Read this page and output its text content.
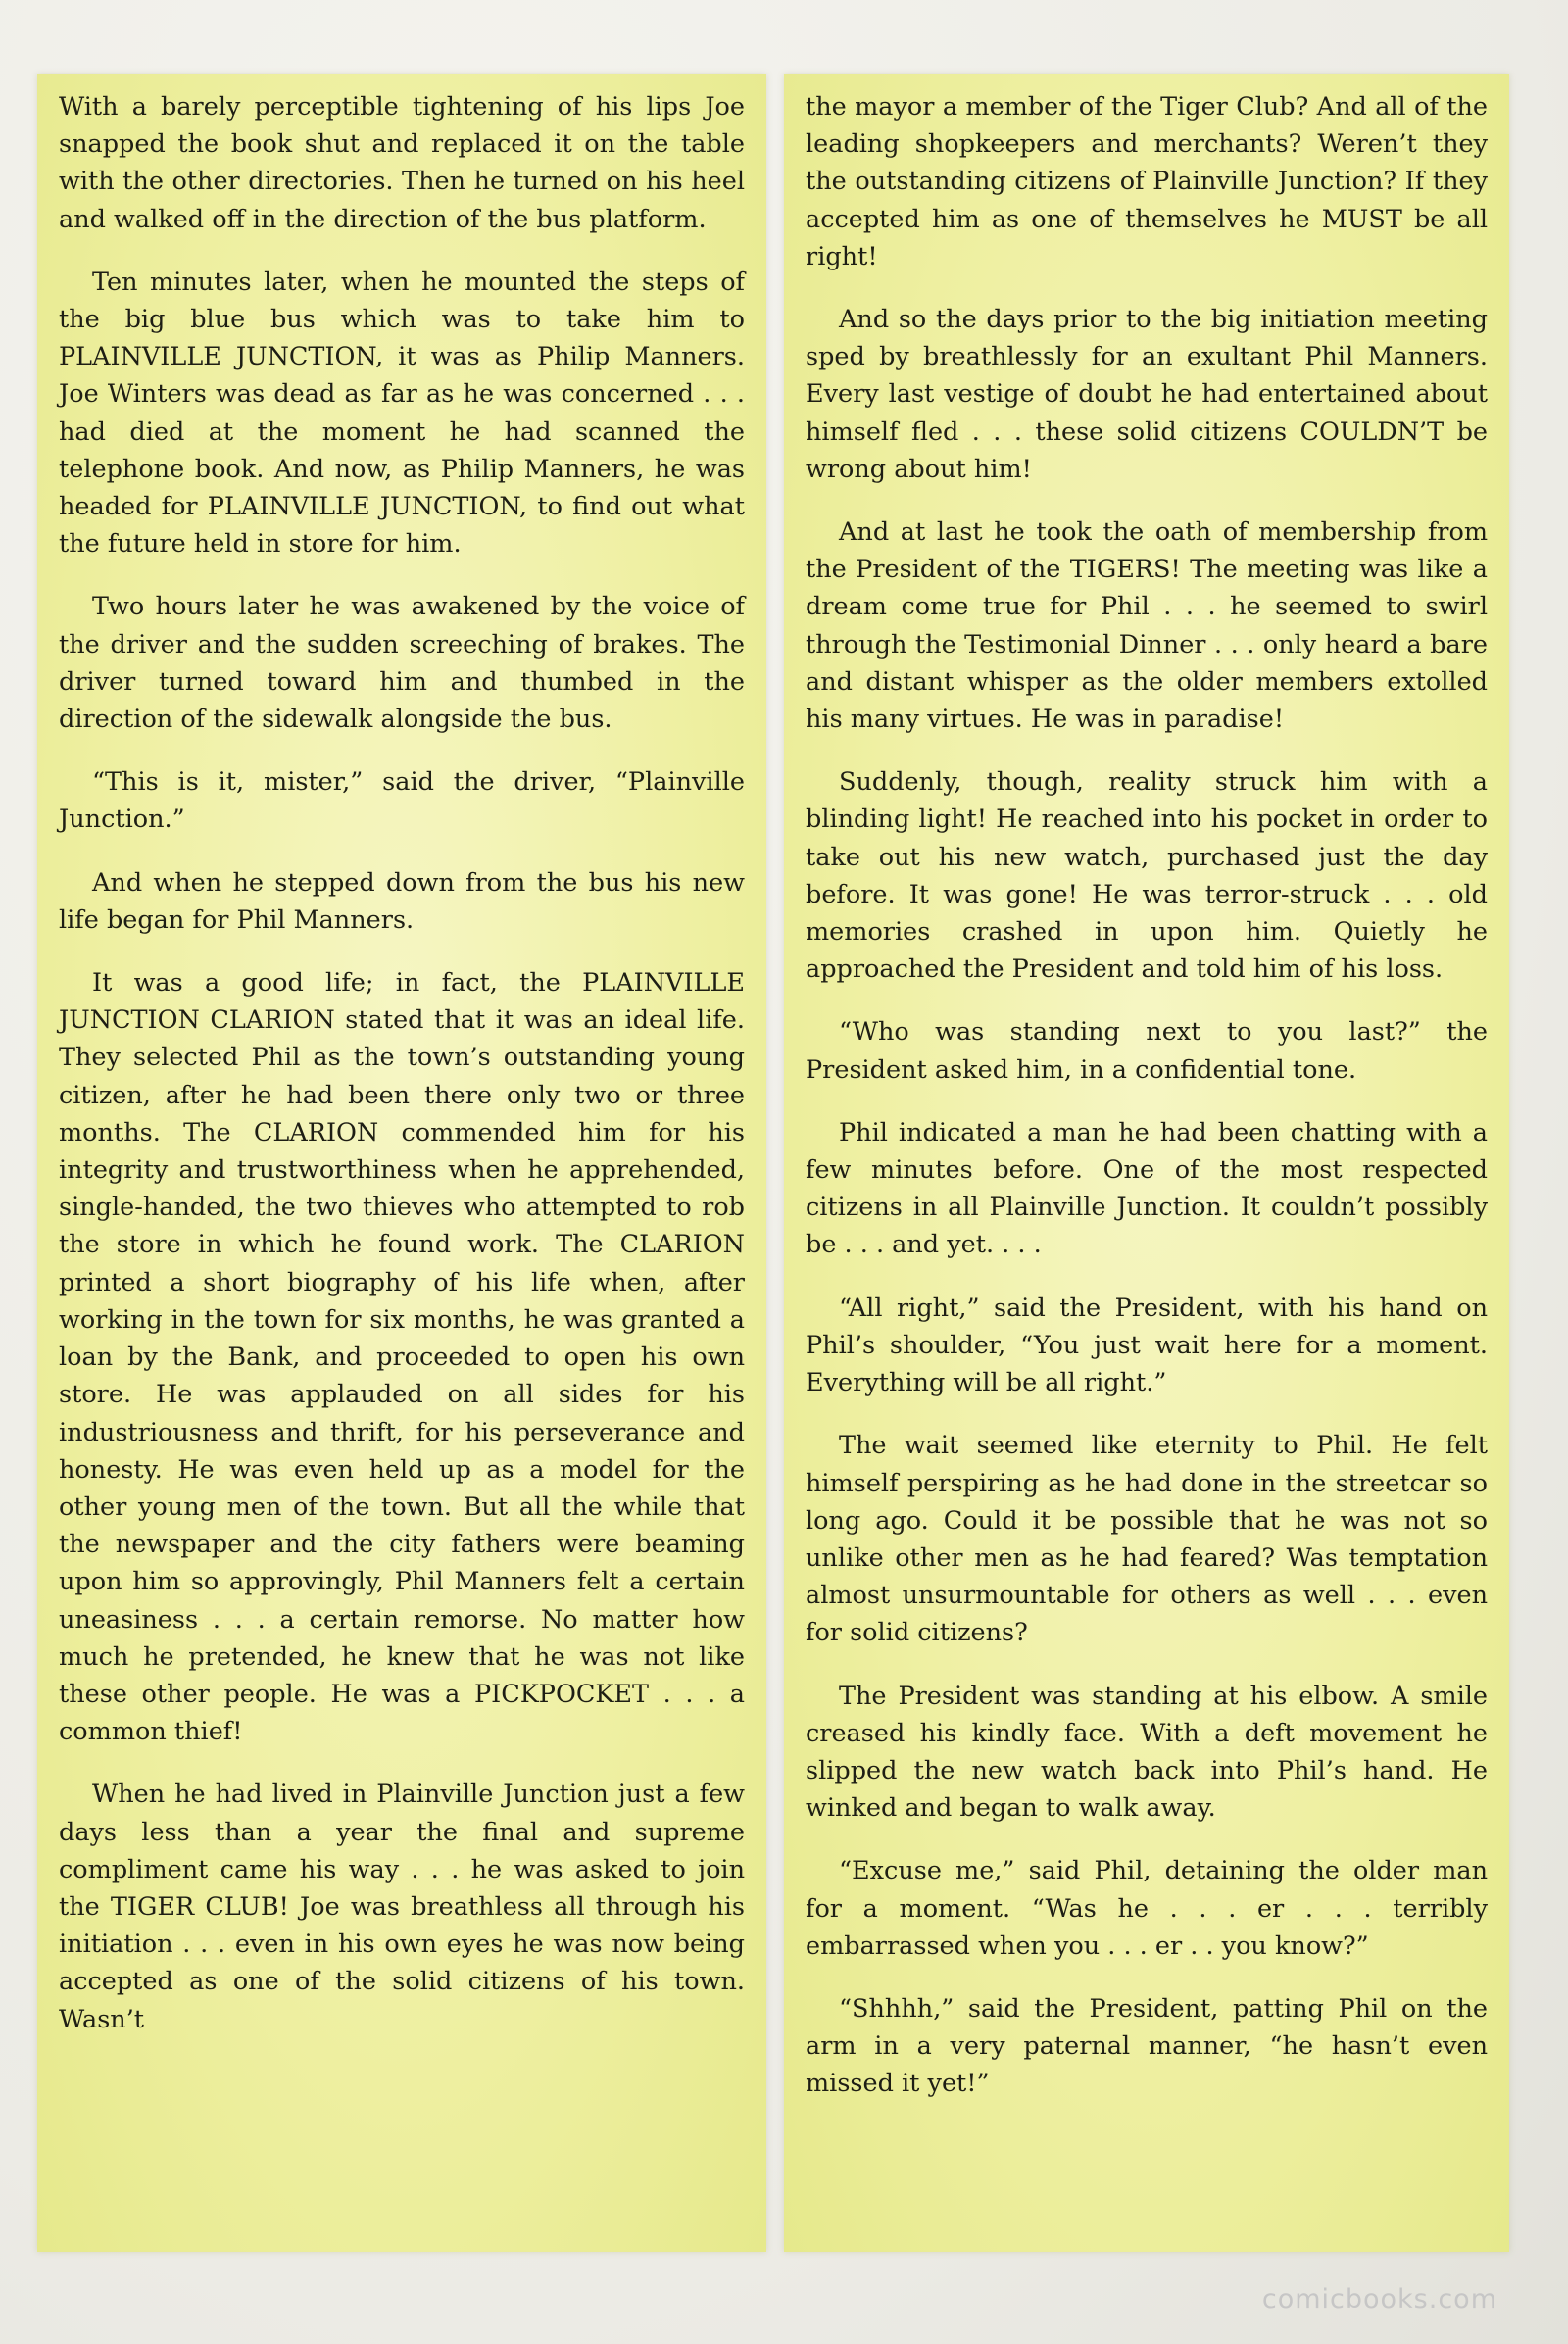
With a barely perceptible tightening of his lips Joe snapped the book shut and replaced it on the table with the other directories. Then he turned on his heel and walked off in the direction of the bus platform.

Ten minutes later, when he mounted the steps of the big blue bus which was to take him to PLAINVILLE JUNCTION, it was as Philip Manners. Joe Winters was dead as far as he was concerned . . . had died at the moment he had scanned the telephone book. And now, as Philip Manners, he was headed for PLAINVILLE JUNCTION, to find out what the future held in store for him.

Two hours later he was awakened by the voice of the driver and the sudden screeching of brakes. The driver turned toward him and thumbed in the direction of the sidewalk alongside the bus.

“This is it, mister,” said the driver, “Plainville Junction.”

And when he stepped down from the bus his new life began for Phil Manners.

It was a good life; in fact, the PLAINVILLE JUNCTION CLARION stated that it was an ideal life. They selected Phil as the town’s outstanding young citizen, after he had been there only two or three months. The CLARION commended him for his integrity and trustworthiness when he apprehended, single-handed, the two thieves who attempted to rob the store in which he found work. The CLARION printed a short biography of his life when, after working in the town for six months, he was granted a loan by the Bank, and proceeded to open his own store. He was applauded on all sides for his industriousness and thrift, for his perseverance and honesty. He was even held up as a model for the other young men of the town. But all the while that the newspaper and the city fathers were beaming upon him so approvingly, Phil Manners felt a certain uneasiness . . . a certain remorse. No matter how much he pretended, he knew that he was not like these other people. He was a PICKPOCKET . . . a common thief!

When he had lived in Plainville Junction just a few days less than a year the final and supreme compliment came his way . . . he was asked to join the TIGER CLUB! Joe was breathless all through his initiation . . . even in his own eyes he was now being accepted as one of the solid citizens of his town. Wasn’t

the mayor a member of the Tiger Club? And all of the leading shopkeepers and merchants? Weren’t they the outstanding citizens of Plainville Junction? If they accepted him as one of themselves he MUST be all right!

And so the days prior to the big initiation meeting sped by breathlessly for an exultant Phil Manners. Every last vestige of doubt he had entertained about himself fled . . . these solid citizens COULDN’T be wrong about him!

And at last he took the oath of membership from the President of the TIGERS! The meeting was like a dream come true for Phil . . . he seemed to swirl through the Testimonial Dinner . . . only heard a bare and distant whisper as the older members extolled his many virtues. He was in paradise!

Suddenly, though, reality struck him with a blinding light! He reached into his pocket in order to take out his new watch, purchased just the day before. It was gone! He was terror-struck . . . old memories crashed in upon him. Quietly he approached the President and told him of his loss.

“Who was standing next to you last?” the President asked him, in a confidential tone.

Phil indicated a man he had been chatting with a few minutes before. One of the most respected citizens in all Plainville Junction. It couldn’t possibly be . . . and yet. . . .

“All right,” said the President, with his hand on Phil’s shoulder, “You just wait here for a moment. Everything will be all right.”

The wait seemed like eternity to Phil. He felt himself perspiring as he had done in the streetcar so long ago. Could it be possible that he was not so unlike other men as he had feared? Was temptation almost unsurmountable for others as well . . . even for solid citizens?

The President was standing at his elbow. A smile creased his kindly face. With a deft movement he slipped the new watch back into Phil’s hand. He winked and began to walk away.

“Excuse me,” said Phil, detaining the older man for a moment. “Was he . . . er . . . terribly embarrassed when you . . . er . . you know?”

“Shhhh,” said the President, patting Phil on the arm in a very paternal manner, “he hasn’t even missed it yet!”

comicbooks.com
